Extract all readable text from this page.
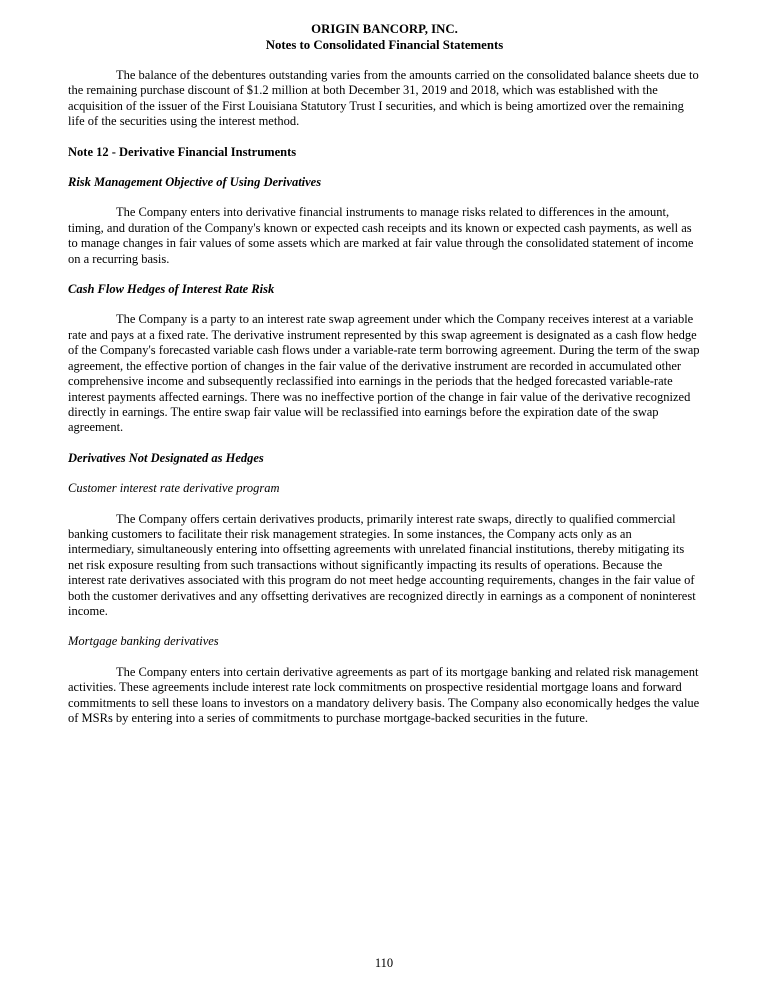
ORIGIN BANCORP, INC.
Notes to Consolidated Financial Statements

The balance of the debentures outstanding varies from the amounts carried on the consolidated balance sheets due to the remaining purchase discount of $1.2 million at both December 31, 2019 and 2018, which was established with the acquisition of the issuer of the First Louisiana Statutory Trust I securities, and which is being amortized over the remaining life of the securities using the interest method.

Note 12 - Derivative Financial Instruments
Risk Management Objective of Using Derivatives

The Company enters into derivative financial instruments to manage risks related to differences in the amount, timing, and duration of the Company's known or expected cash receipts and its known or expected cash payments, as well as to manage changes in fair values of some assets which are marked at fair value through the consolidated statement of income on a recurring basis.

Cash Flow Hedges of Interest Rate Risk

The Company is a party to an interest rate swap agreement under which the Company receives interest at a variable rate and pays at a fixed rate. The derivative instrument represented by this swap agreement is designated as a cash flow hedge of the Company's forecasted variable cash flows under a variable-rate term borrowing agreement. During the term of the swap agreement, the effective portion of changes in the fair value of the derivative instrument are recorded in accumulated other comprehensive income and subsequently reclassified into earnings in the periods that the hedged forecasted variable-rate interest payments affected earnings. There was no ineffective portion of the change in fair value of the derivative recognized directly in earnings. The entire swap fair value will be reclassified into earnings before the expiration date of the swap agreement.

Derivatives Not Designated as Hedges
Customer interest rate derivative program

The Company offers certain derivatives products, primarily interest rate swaps, directly to qualified commercial banking customers to facilitate their risk management strategies. In some instances, the Company acts only as an intermediary, simultaneously entering into offsetting agreements with unrelated financial institutions, thereby mitigating its net risk exposure resulting from such transactions without significantly impacting its results of operations. Because the interest rate derivatives associated with this program do not meet hedge accounting requirements, changes in the fair value of both the customer derivatives and any offsetting derivatives are recognized directly in earnings as a component of noninterest income.

Mortgage banking derivatives

The Company enters into certain derivative agreements as part of its mortgage banking and related risk management activities. These agreements include interest rate lock commitments on prospective residential mortgage loans and forward commitments to sell these loans to investors on a mandatory delivery basis. The Company also economically hedges the value of MSRs by entering into a series of commitments to purchase mortgage-backed securities in the future.

110
